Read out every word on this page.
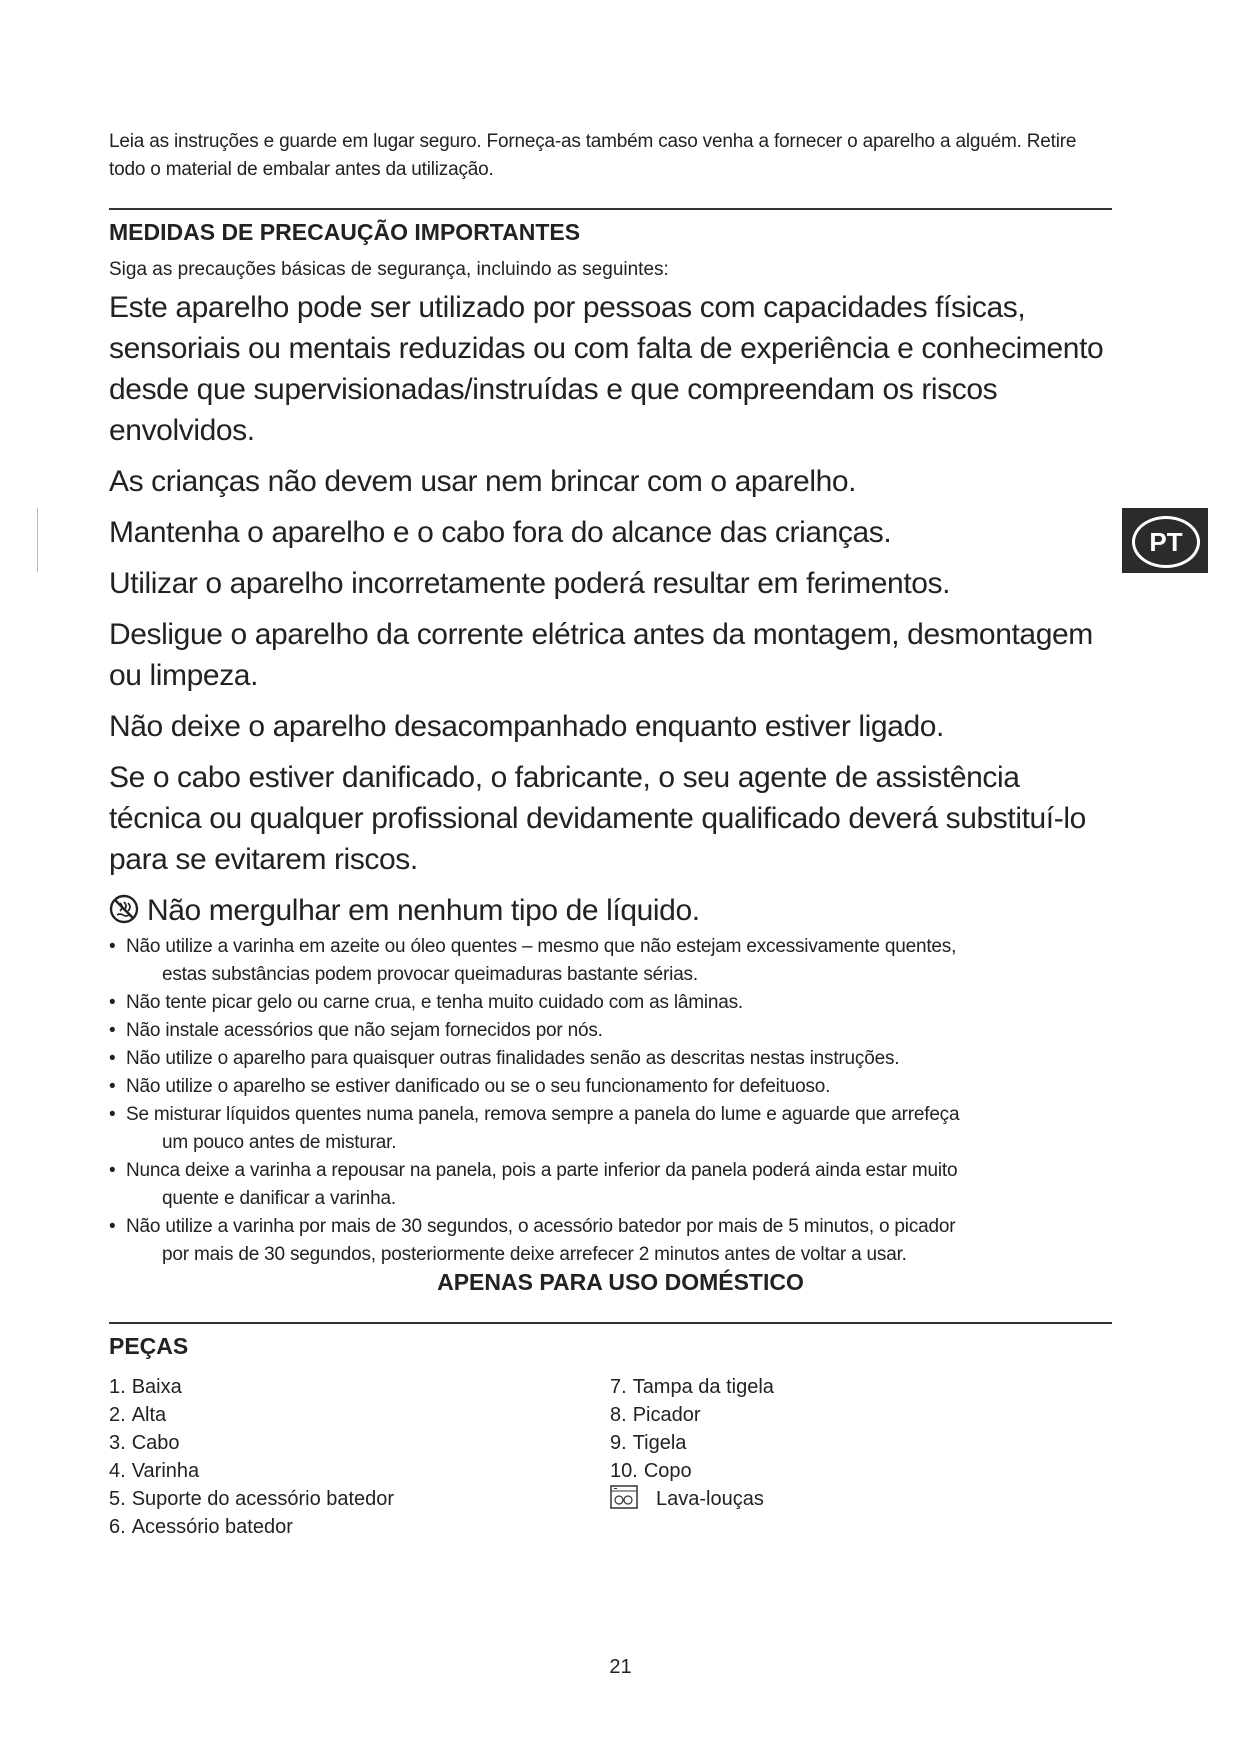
Leia as instruções e guarde em lugar seguro. Forneça-as também caso venha a fornecer o aparelho a alguém. Retire todo o material de embalar antes da utilização.
MEDIDAS DE PRECAUÇÃO IMPORTANTES
Siga as precauções básicas de segurança, incluindo as seguintes:

Este aparelho pode ser utilizado por pessoas com capacidades físicas, sensoriais ou mentais reduzidas ou com falta de experiência e conhecimento desde que supervisionadas/instruídas e que compreendam os riscos envolvidos.

As crianças não devem usar nem brincar com o aparelho.

Mantenha o aparelho e o cabo fora do alcance das crianças.

Utilizar o aparelho incorretamente poderá resultar em ferimentos.

Desligue o aparelho da corrente elétrica antes da montagem, desmontagem ou limpeza.

Não deixe o aparelho desacompanhado enquanto estiver ligado.

Se o cabo estiver danificado, o fabricante, o seu agente de assistência técnica ou qualquer profissional devidamente qualificado deverá substituí-lo para se evitarem riscos.

Não mergulhar em nenhum tipo de líquido.

• Não utilize a varinha em azeite ou óleo quentes – mesmo que não estejam excessivamente quentes,
estas substâncias podem provocar queimaduras bastante sérias.
• Não tente picar gelo ou carne crua, e tenha muito cuidado com as lâminas.
• Não instale acessórios que não sejam fornecidos por nós.
• Não utilize o aparelho para quaisquer outras finalidades senão as descritas nestas instruções.
• Não utilize o aparelho se estiver danificado ou se o seu funcionamento for defeituoso.
• Se misturar líquidos quentes numa panela, remova sempre a panela do lume e aguarde que arrefeça
um pouco antes de misturar.
• Nunca deixe a varinha a repousar na panela, pois a parte inferior da panela poderá ainda estar muito
quente e danificar a varinha.
• Não utilize a varinha por mais de 30 segundos, o acessório batedor por mais de 5 minutos, o picador
por mais de 30 segundos, posteriormente deixe arrefecer 2 minutos antes de voltar a usar.
APENAS PARA USO DOMÉSTICO
PEÇAS
1. Baixa
2. Alta
3. Cabo
4. Varinha
5. Suporte do acessório batedor
6. Acessório batedor
7. Tampa da tigela
8. Picador
9. Tigela
10. Copo
Lava-louças
PT
21
